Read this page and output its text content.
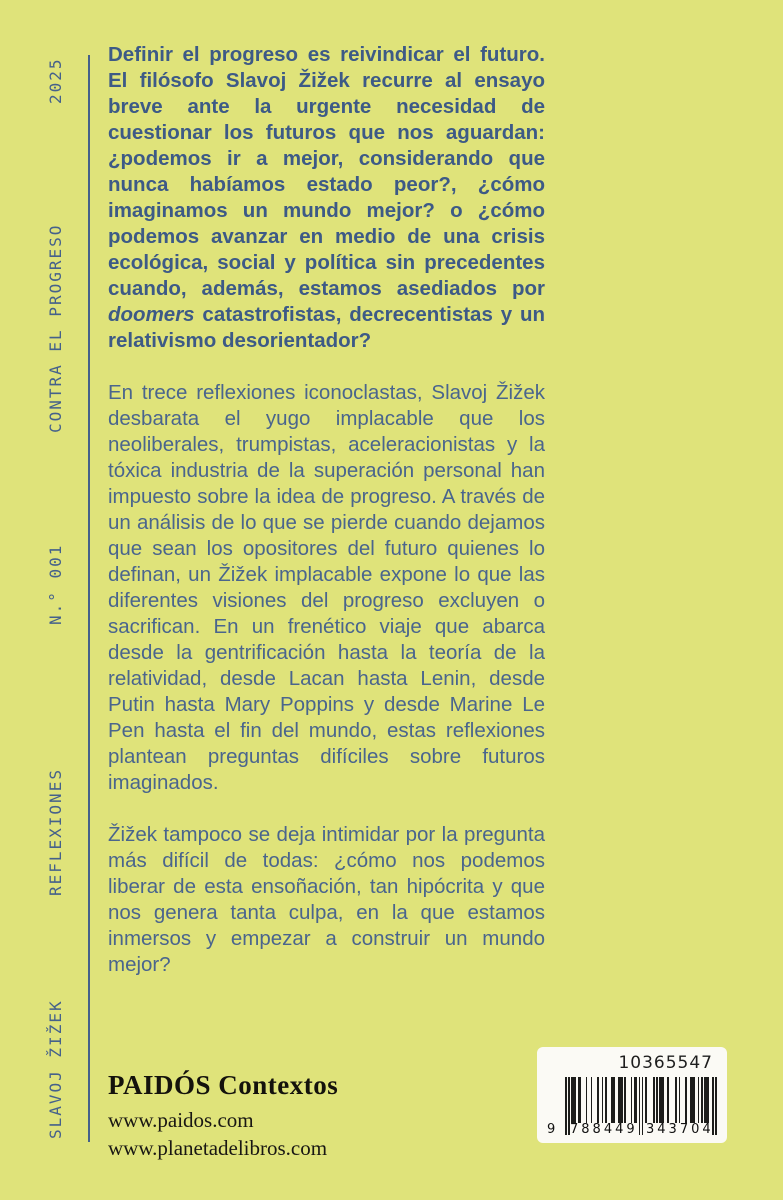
2025
CONTRA EL PROGRESO
N.° 001
REFLEXIONES
SLAVOJ ŽIŽEK

Definir el progreso es reivindicar el futuro. El filósofo Slavoj Žižek recurre al ensayo breve ante la urgente necesidad de cuestionar los futuros que nos aguardan: ¿podemos ir a mejor, considerando que nunca habíamos estado peor?, ¿cómo imaginamos un mundo mejor? o ¿cómo podemos avanzar en medio de una crisis ecológica, social y política sin precedentes cuando, además, estamos asediados por doomers catastrofistas, decrecentistas y un relativismo desorientador?

En trece reflexiones iconoclastas, Slavoj Žižek desbarata el yugo implacable que los neoliberales, trumpistas, aceleracionistas y la tóxica industria de la superación personal han impuesto sobre la idea de progreso. A través de un análisis de lo que se pierde cuando dejamos que sean los opositores del futuro quienes lo definan, un Žižek implacable expone lo que las diferentes visiones del progreso excluyen o sacrifican. En un frenético viaje que abarca desde la gentrificación hasta la teoría de la relatividad, desde Lacan hasta Lenin, desde Putin hasta Mary Poppins y desde Marine Le Pen hasta el fin del mundo, estas reflexiones plantean preguntas difíciles sobre futuros imaginados.

Žižek tampoco se deja intimidar por la pregunta más difícil de todas: ¿cómo nos podemos liberar de esta ensoñación, tan hipócrita y que nos genera tanta culpa, en la que estamos inmersos y empezar a construir un mundo mejor?

PAIDÓS Contextos
www.paidos.com
www.planetadelibros.com
10365547
9 788449 343704
